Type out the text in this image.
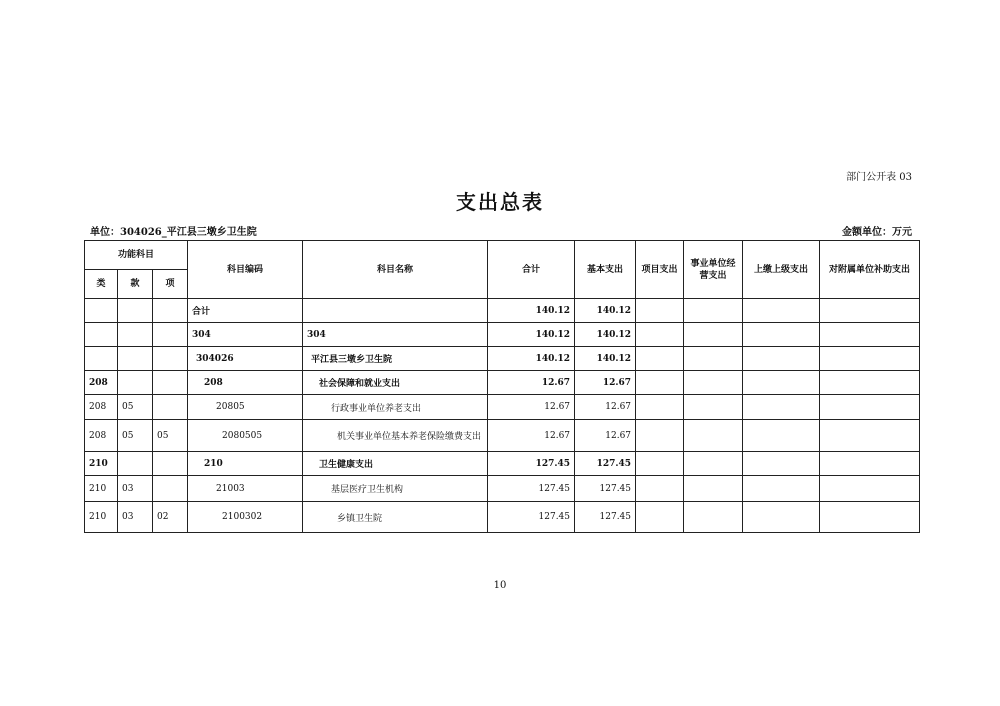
部门公开表 03
支出总表
单位：304026_平江县三墩乡卫生院	金额单位：万元
功能科目			科目编码	科目名称	合计	基本支出	项目支出	事业单位经营支出	上缴上级支出	对附属单位补助支出
类	款	项								
			合计		140.12	140.12				
			304	304	140.12	140.12				
			304026	平江县三墩乡卫生院	140.12	140.12				
208			208	社会保障和就业支出	12.67	12.67				
208	05		20805	行政事业单位养老支出	12.67	12.67				
208	05	05	2080505	机关事业单位基本养老保险缴费支出	12.67	12.67				
210			210	卫生健康支出	127.45	127.45				
210	03		21003	基层医疗卫生机构	127.45	127.45				
210	03	02	2100302	乡镇卫生院	127.45	127.45				
10
